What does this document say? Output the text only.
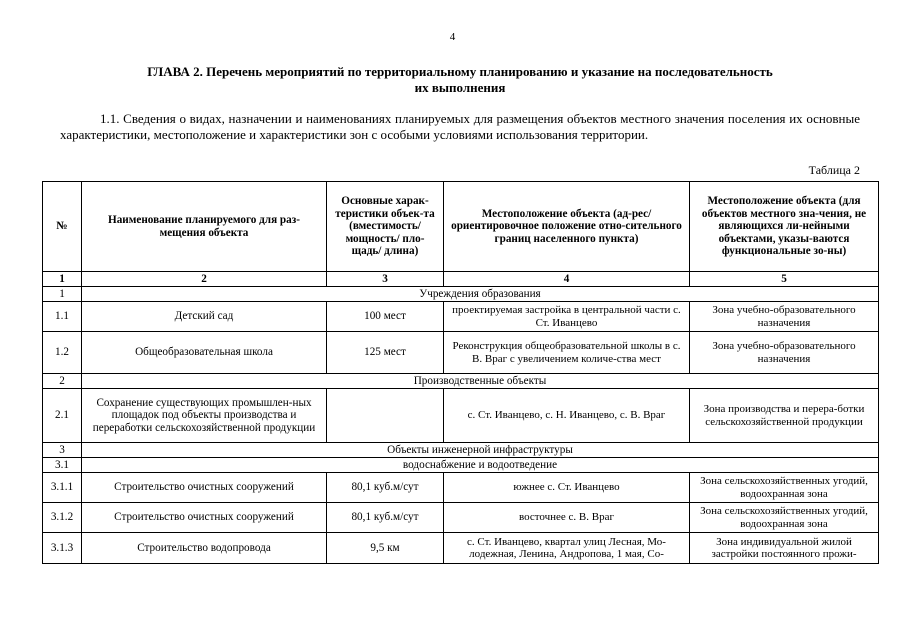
4
ГЛАВА 2. Перечень мероприятий по территориальному планированию и указание на последовательность
их выполнения
1.1. Сведения о видах, назначении и наименованиях планируемых для размещения объектов местного значения поселения их основные характеристики, местоположение и характеристики зон с особыми условиями использования территории.
Таблица 2
№	Наименование планируемого для раз-мещения объекта	Основные харак-теристики объек-та (вместимость/ мощность/ пло-щадь/ длина)	Местоположение объекта (ад-рес/ориентировочное положение отно-сительного границ населенного пункта)	Местоположение объекта (для объектов местного зна-чения, не являющихся ли-нейными объектами, указы-ваются функциональные зо-ны)
1	2	3	4	5
1	Учреждения образования			
1.1	Детский сад	100 мест	проектируемая застройка в центральной части с. Ст. Иванцево	Зона учебно-образовательного назначения
1.2	Общеобразовательная школа	125 мест	Реконструкция общеобразовательной школы в с. В. Враг с увеличением количе-ства мест	Зона учебно-образовательного назначения
2	Производственные объекты			
2.1	Сохранение существующих промышлен-ных площадок под объекты производства и переработки сельскохозяйственной продукции		с. Ст. Иванцево, с. Н. Иванцево, с. В. Враг	Зона производства и перера-ботки сельскохозяйственной продукции
3	Объекты инженерной инфраструктуры			
3.1	водоснабжение и водоотведение			
3.1.1	Строительство очистных сооружений	80,1 куб.м/сут	южнее с. Ст. Иванцево	Зона сельскохозяйственных угодий, водоохранная зона
3.1.2	Строительство очистных сооружений	80,1 куб.м/сут	восточнее с. В. Враг	Зона сельскохозяйственных угодий, водоохранная зона
3.1.3	Строительство водопровода	9,5 км	с. Ст. Иванцево, квартал улиц Лесная, Мо-лодежная, Ленина, Андропова, 1 мая, Со-	Зона индивидуальной жилой застройки постоянного прожи-
